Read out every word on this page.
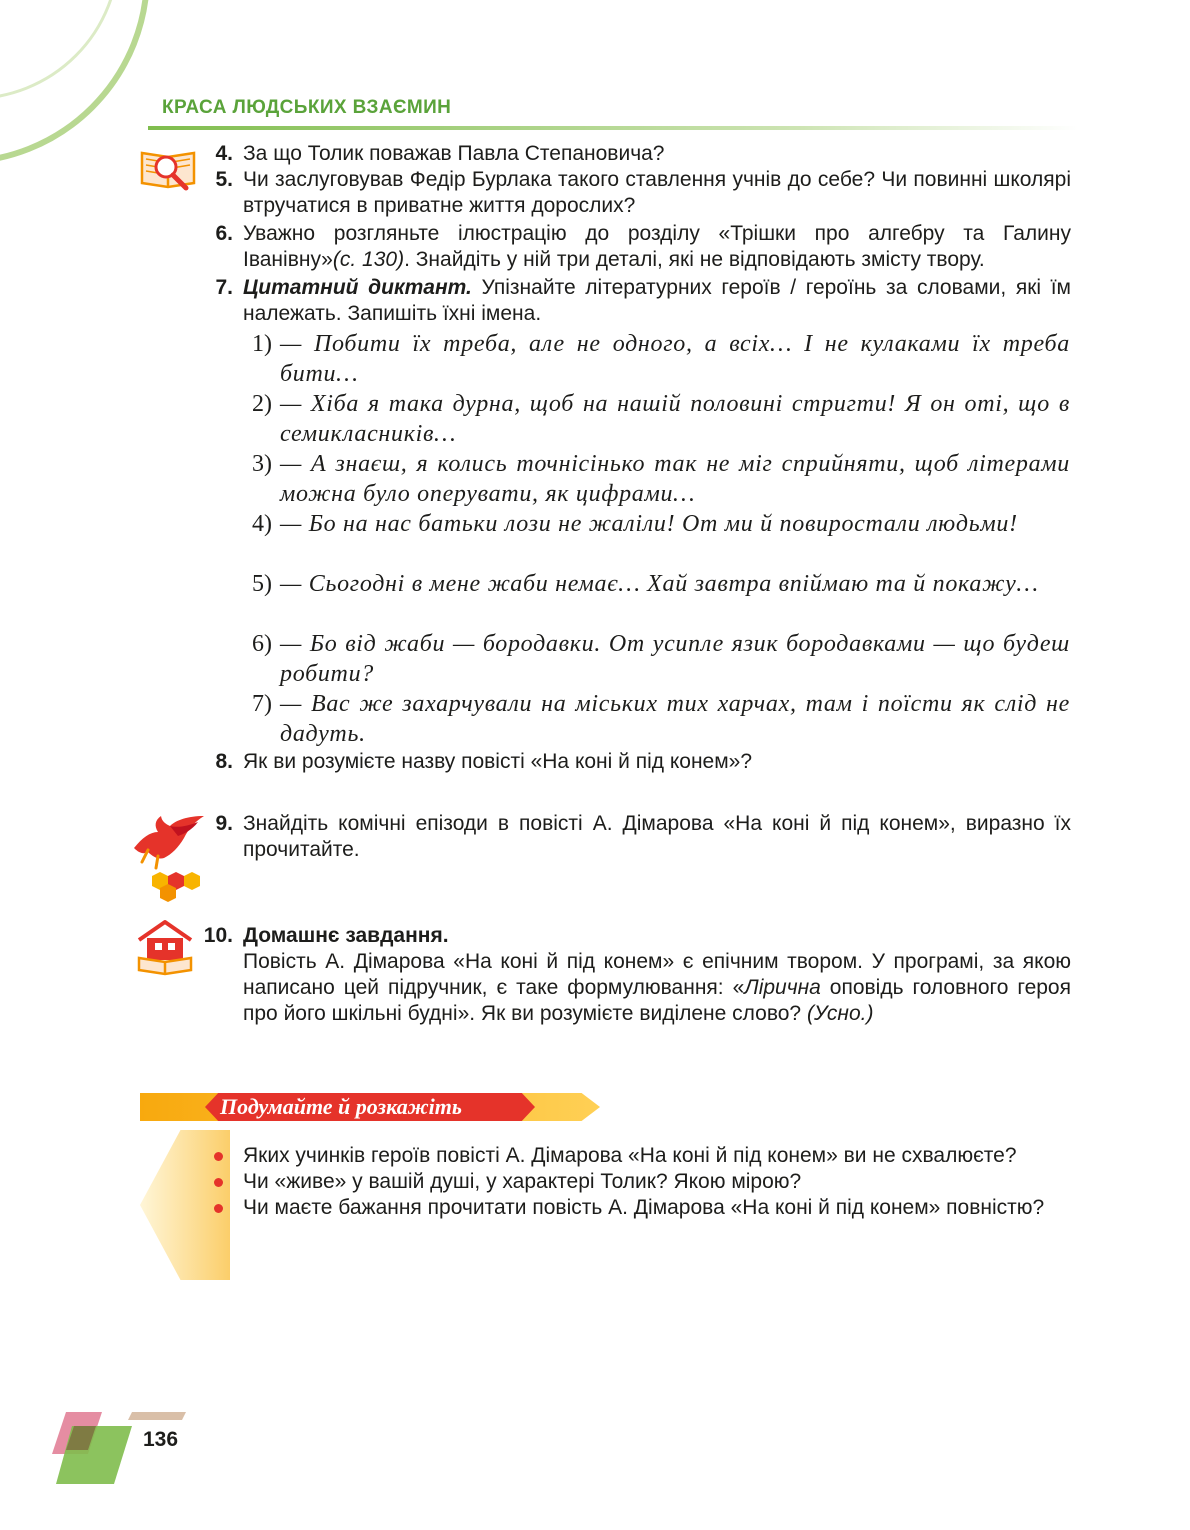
КРАСА ЛЮДСЬКИХ ВЗАЄМИН

4. За що Толик поважав Павла Степановича?

5. Чи заслуговував Федір Бурлака такого ставлення учнів до себе? Чи повинні школярі втручатися в приватне життя дорослих?

6. Уважно розгляньте ілюстрацію до розділу «Трішки про алгебру та Галину Іванівну»(с. 130). Знайдіть у ній три деталі, які не відповідають змісту твору.

7. Цитатний диктант. Упізнайте літературних героїв / героїнь за словами, які їм належать. Запишіть їхні імена.

1) — Побити їх треба, але не одного, а всіх… І не кулаками їх треба бити…

2) — Хіба я така дурна, щоб на нашій половині стригти! Я он оті, що в семикласників…

3) — А знаєш, я колись точнісінько так не міг сприйняти, щоб літерами можна було оперувати, як цифрами…

4) — Бо на нас батьки лози не жаліли! От ми й повиростали людьми!

5) — Сьогодні в мене жаби немає… Хай завтра впіймаю та й покажу…

6) — Бо від жаби — бородавки. От усипле язик бородавками — що будеш робити?

7) — Вас же захарчували на міських тих харчах, там і поїсти як слід не дадуть.

8. Як ви розумієте назву повісті «На коні й під конем»?

9. Знайдіть комічні епізоди в повісті А. Дімарова «На коні й під конем», виразно їх прочитайте.

10. Домашнє завдання.
Повість А. Дімарова «На коні й під конем» є епічним твором. У програмі, за якою написано цей підручник, є таке формулювання: «Лірична оповідь головного героя про його шкільні будні». Як ви розумієте виділене слово? (Усно.)

Подумайте й розкажіть

Яких учинків героїв повісті А. Дімарова «На коні й під конем» ви не схвалюєте?
Чи «живе» у вашій душі, у характері Толик? Якою мірою?
Чи маєте бажання прочитати повість А. Дімарова «На коні й під конем» повністю?

136
